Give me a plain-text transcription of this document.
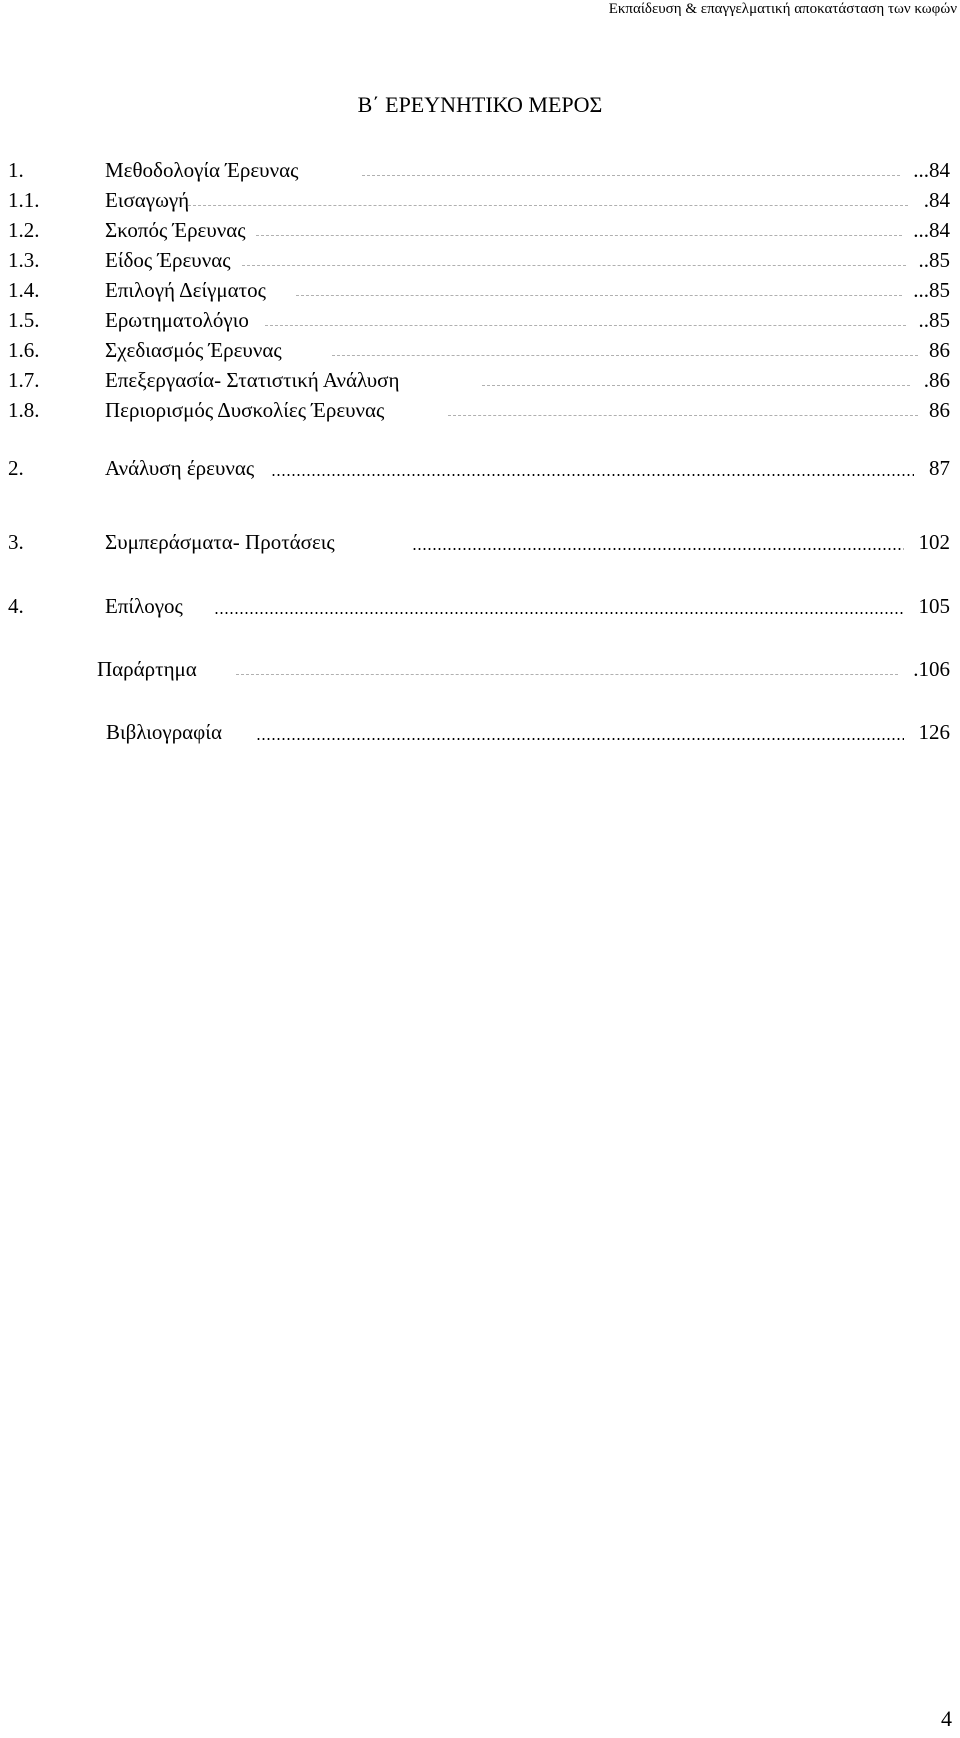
Εκπαίδευση & επαγγελματική αποκατάσταση των κωφών
Β΄ ΕΡΕΥΝΗΤΙΚΟ ΜΕΡΟΣ
1.	Μεθοδολογία Έρευνας	...84
1.1.	Εισαγωγή	.84
1.2.	Σκοπός Έρευνας	...84
1.3.	Είδος Έρευνας	..85
1.4.	Επιλογή Δείγματος	...85
1.5.	Ερωτηματολόγιο	..85
1.6.	Σχεδιασμός Έρευνας	86
1.7.	Επεξεργασία- Στατιστική Ανάλυση	.86
1.8.	Περιορισμός Δυσκολίες Έρευνας	86
2.	Ανάλυση έρευνας	87
3.	Συμπεράσματα- Προτάσεις	102
4.	Επίλογος	105
Παράρτημα	.106
Βιβλιογραφία	126
4
